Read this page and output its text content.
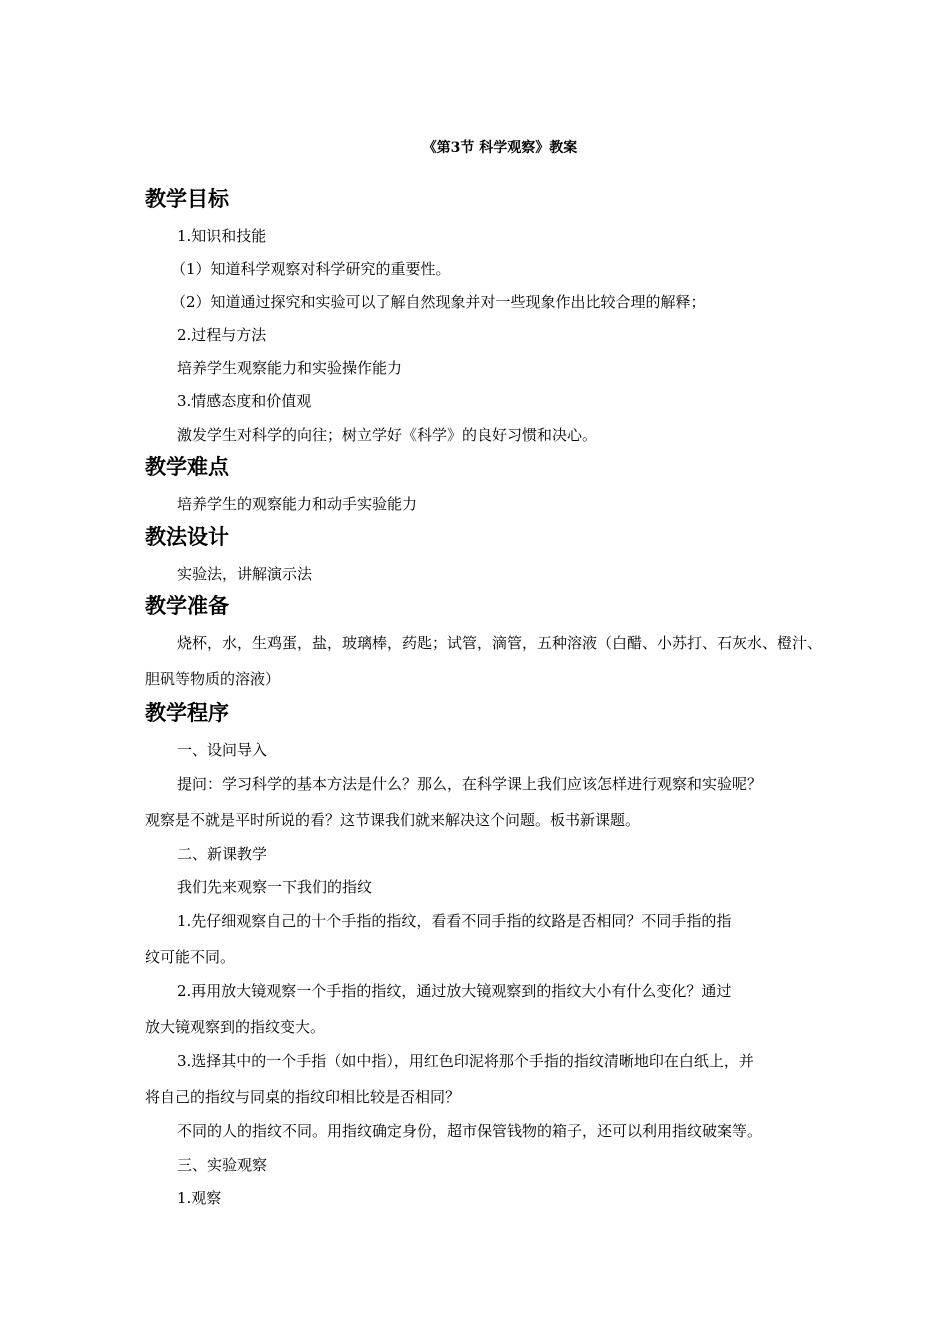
《第3节 科学观察》教案
教学目标
1.知识和技能
（1）知道科学观察对科学研究的重要性。
（2）知道通过探究和实验可以了解自然现象并对一些现象作出比较合理的解释；
2.过程与方法
培养学生观察能力和实验操作能力
3.情感态度和价值观
激发学生对科学的向往；树立学好《科学》的良好习惯和决心。
教学难点
培养学生的观察能力和动手实验能力
教法设计
实验法，讲解演示法
教学准备
烧杯，水，生鸡蛋，盐，玻璃棒，药匙；试管，滴管，五种溶液（白醋、小苏打、石灰水、橙汁、
胆矾等物质的溶液）
教学程序
一、设问导入
提问：学习科学的基本方法是什么？那么，在科学课上我们应该怎样进行观察和实验呢？
观察是不就是平时所说的看？这节课我们就来解决这个问题。板书新课题。
二、新课教学
我们先来观察一下我们的指纹
1.先仔细观察自己的十个手指的指纹，看看不同手指的纹路是否相同？不同手指的指
纹可能不同。
2.再用放大镜观察一个手指的指纹，通过放大镜观察到的指纹大小有什么变化？通过
放大镜观察到的指纹变大。
3.选择其中的一个手指（如中指），用红色印泥将那个手指的指纹清晰地印在白纸上，并
将自己的指纹与同桌的指纹印相比较是否相同？
不同的人的指纹不同。用指纹确定身份，超市保管钱物的箱子，还可以利用指纹破案等。
三、实验观察
1.观察
